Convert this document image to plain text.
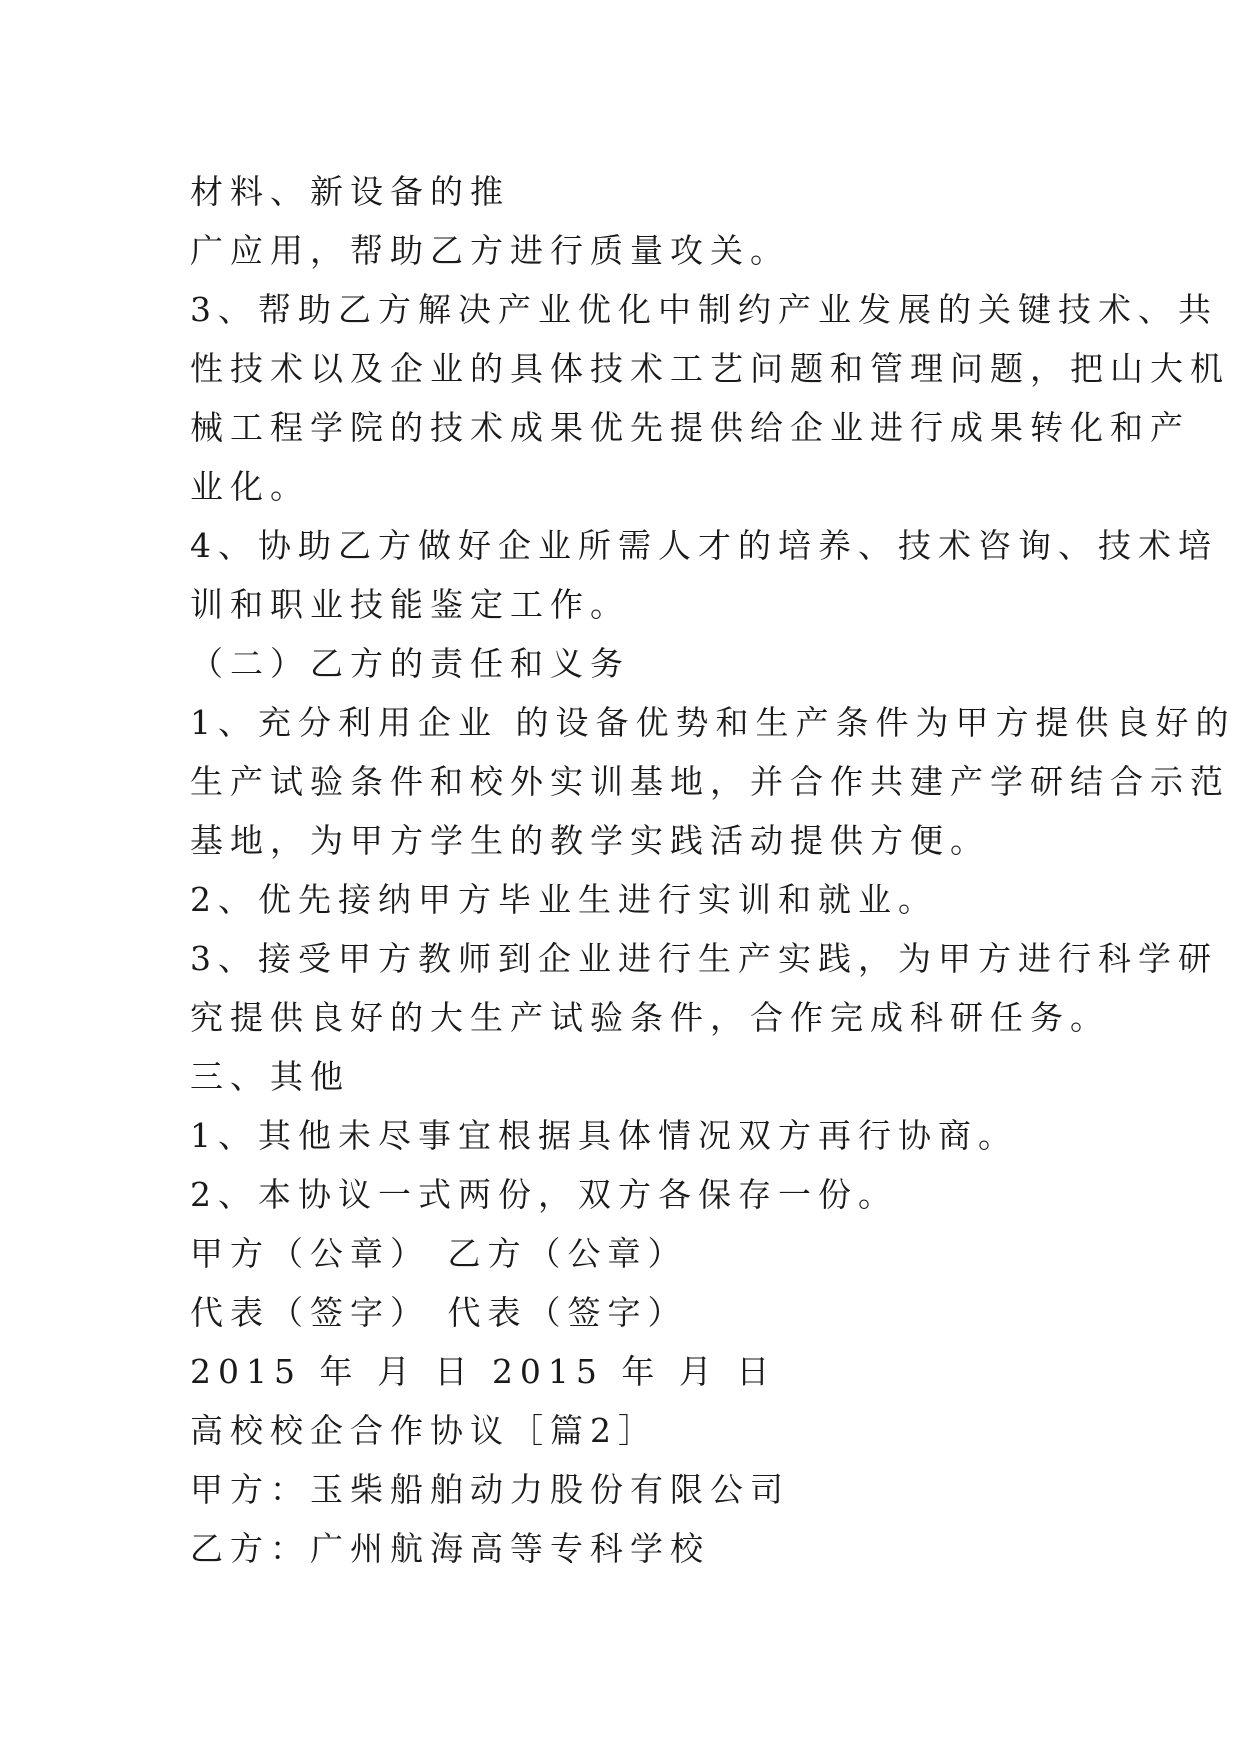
材料、新设备的推
广应用，帮助乙方进行质量攻关。
3、帮助乙方解决产业优化中制约产业发展的关键技术、共
性技术以及企业的具体技术工艺问题和管理问题，把山大机
械工程学院的技术成果优先提供给企业进行成果转化和产
业化。
4、协助乙方做好企业所需人才的培养、技术咨询、技术培
训和职业技能鉴定工作。
（二）乙方的责任和义务
1、充分利用企业 的设备优势和生产条件为甲方提供良好的
生产试验条件和校外实训基地，并合作共建产学研结合示范
基地，为甲方学生的教学实践活动提供方便。
2、优先接纳甲方毕业生进行实训和就业。
3、接受甲方教师到企业进行生产实践，为甲方进行科学研
究提供良好的大生产试验条件，合作完成科研任务。
三、其他
1、其他未尽事宜根据具体情况双方再行协商。
2、本协议一式两份，双方各保存一份。
甲方（公章） 乙方（公章）
代表（签字） 代表（签字）
2015 年 月 日 2015 年 月 日
高校校企合作协议［篇2］
甲方：玉柴船舶动力股份有限公司
乙方：广州航海高等专科学校
